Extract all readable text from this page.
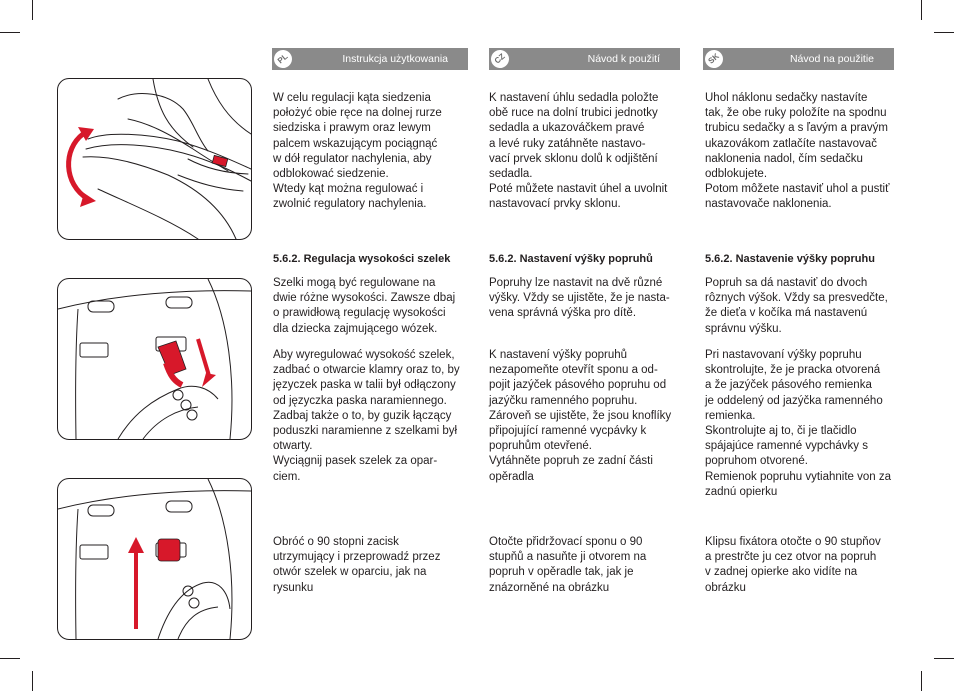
PL	Instrukcja użytkowania	CZ	Návod k použití	SK	Návod na použitie

W celu regulacji kąta siedzenia
położyć obie ręce na dolnej rurze
siedziska i prawym oraz lewym
palcem wskazującym pociągnąć
w dół regulator nachylenia, aby
odblokować siedzenie.
Wtedy kąt można regulować i
zwolnić regulatory nachylenia.

5.6.2. Regulacja wysokości szelek

Szelki mogą być regulowane na
dwie różne wysokości. Zawsze dbaj
o prawidłową regulację wysokości
dla dziecka zajmującego wózek.

Aby wyregulować wysokość szelek,
zadbać o otwarcie klamry oraz to, by
języczek paska w talii był odłączony
od języczka paska naramiennego.
Zadbaj także o to, by guzik łączący
poduszki naramienne z szelkami był
otwarty.
Wyciągnij pasek szelek za opar-
ciem.

Obróć o 90 stopni zacisk
utrzymujący i przeprowadź przez
otwór szelek w oparciu, jak na
rysunku

K nastavení úhlu sedadla položte
obě ruce na dolní trubici jednotky
sedadla a ukazováčkem pravé
a levé ruky zatáhněte nastavo-
vací prvek sklonu dolů k odjištění
sedadla.
Poté můžete nastavit úhel a uvolnit
nastavovací prvky sklonu.

5.6.2. Nastavení výšky popruhů

Popruhy lze nastavit na dvě různé
výšky. Vždy se ujistěte, že je nasta-
vena správná výška pro dítě.

K nastavení výšky popruhů
nezapomeňte otevřít sponu a od-
pojit jazýček pásového popruhu od
jazýčku ramenného popruhu.
Zároveň se ujistěte, že jsou knoflíky
připojující ramenné vycpávky k
popruhům otevřené.
Vytáhněte popruh ze zadní části
opěradla

Otočte přidržovací sponu o 90
stupňů a nasuňte ji otvorem na
popruh v opěradle tak, jak je
znázorněné na obrázku

Uhol náklonu sedačky nastavíte
tak, že obe ruky položíte na spodnu
trubicu sedačky a s ľavým a pravým
ukazovákom zatlačíte nastavovač
naklonenia nadol, čím sedačku
odblokujete.
Potom môžete nastaviť uhol a pustiť
nastavovače naklonenia.

5.6.2. Nastavenie výšky popruhu

Popruh sa dá nastaviť do dvoch
rôznych výšok. Vždy sa presvedčte,
že dieťa v kočíka má nastavenú
správnu výšku.

Pri nastavovaní výšky popruhu
skontrolujte, že je pracka otvorená
a že jazýček pásového remienka
je oddelený od jazýčka ramenného
remienka.
Skontrolujte aj to, či je tlačidlo
spájajúce ramenné vypchávky s
popruhom otvorené.
Remienok popruhu vytiahnite von za
zadnú opierku

Klipsu fixátora otočte o 90 stupňov
a prestrčte ju cez otvor na popruh
v zadnej opierke ako vidíte na
obrázku
